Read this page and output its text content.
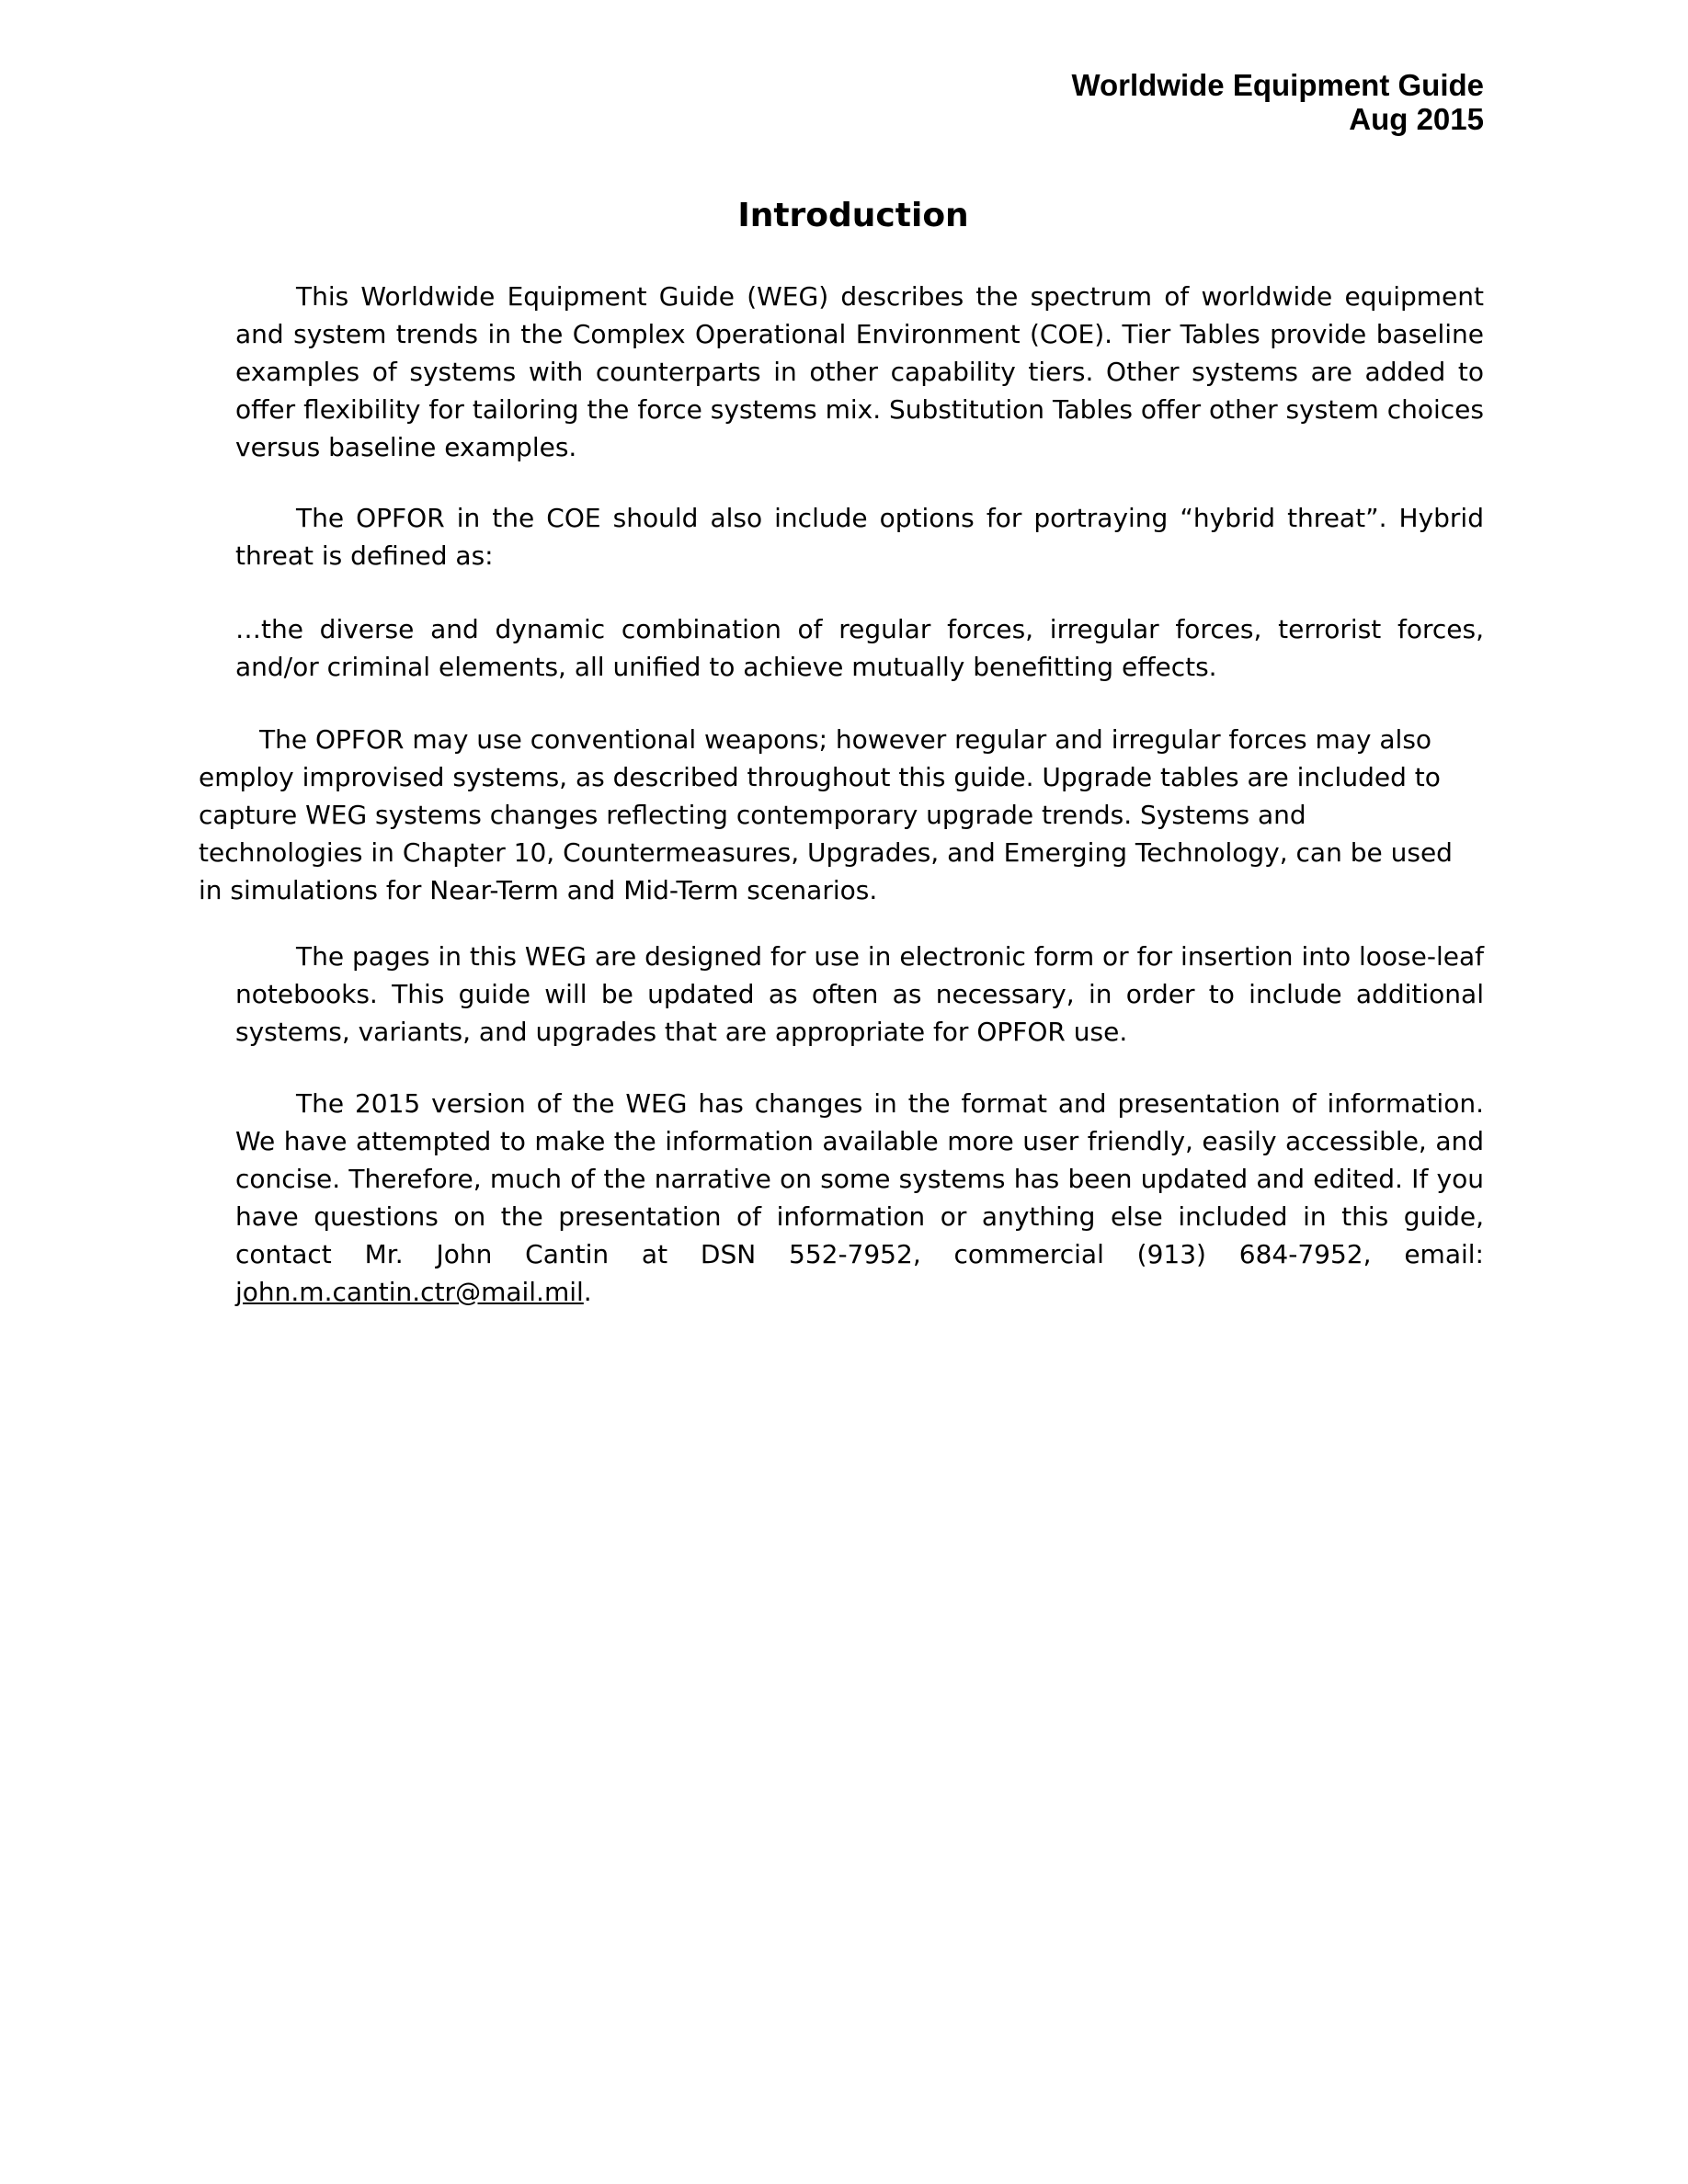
Worldwide Equipment Guide
Aug 2015
Introduction

This Worldwide Equipment Guide (WEG) describes the spectrum of worldwide equipment and system trends in the Complex Operational Environment (COE). Tier Tables provide baseline examples of systems with counterparts in other capability tiers. Other systems are added to offer flexibility for tailoring the force systems mix. Substitution Tables offer other system choices versus baseline examples.

The OPFOR in the COE should also include options for portraying “hybrid threat”. Hybrid threat is defined as:

…the diverse and dynamic combination of regular forces, irregular forces, terrorist forces, and/or criminal elements, all unified to achieve mutually benefitting effects.

The OPFOR may use conventional weapons; however regular and irregular forces may also employ improvised systems, as described throughout this guide. Upgrade tables are included to capture WEG systems changes reflecting contemporary upgrade trends. Systems and technologies in Chapter 10, Countermeasures, Upgrades, and Emerging Technology, can be used in simulations for Near-Term and Mid-Term scenarios.

The pages in this WEG are designed for use in electronic form or for insertion into loose-leaf notebooks. This guide will be updated as often as necessary, in order to include additional systems, variants, and upgrades that are appropriate for OPFOR use.

The 2015 version of the WEG has changes in the format and presentation of information. We have attempted to make the information available more user friendly, easily accessible, and concise. Therefore, much of the narrative on some systems has been updated and edited. If you have questions on the presentation of information or anything else included in this guide, contact Mr. John Cantin at DSN 552-7952, commercial (913) 684-7952, email: john.m.cantin.ctr@mail.mil.
